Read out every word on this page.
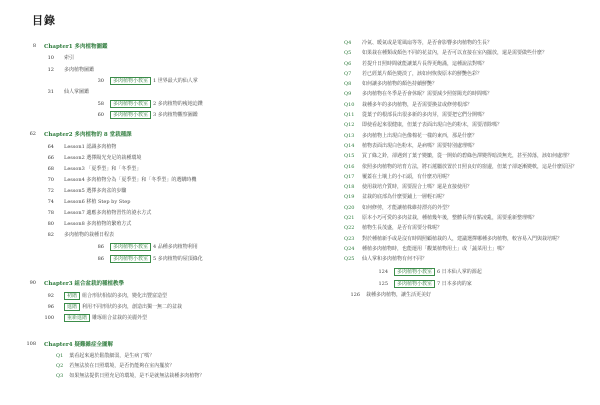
目錄
8 Chapter1 多肉植物圖鑑
10 索引
12 多肉植物圖鑑
30	多肉植物小教室 1 世界最大的仙人掌
31 仙人掌圖鑑
58	多肉植物小教室 2 多肉植物的瘦地迫鑽
60	多肉植物小教室 3 多肉植物觀察圖鑑
62 Chapter2 多肉植物的 8 堂栽種課
64 Lesson1 認識多肉植物
66 Lesson2 選擇陽光充足的栽種環境
68 Lesson3 「夏季型」和「冬季型」
70 Lesson4 多肉植物分為「夏季型」和「冬季型」的選購時機
72 Lesson5 選擇多肉盆的步驟
74 Lesson6 移植 Step by Step
78 Lesson7 適應多肉植物習性的澆水方式
80 Lesson8 多肉植物的繁殖方式
82 多肉植物的栽種日程表
86	多肉植物小教室 4 品種多肉植物利用
86	多肉植物小教室 5 多肉植物的屋頂綠化
90 Chapter3 組合盆栽的種植教學
92	初階 組合形狀相似的多肉，變化出豐富造型
96	進階 利用不同形狀的多肉，創造出獨一無二的盆栽
100	重新進階 雕琢組合盆栽的美麗外型
108 Chapter4 疑難雜症全圖解
Q1 葉看起來過於鬆散細弱，是生病了嗎？
Q2 若無法放在日照環境，是否仍能夠在室內擺放？
Q3 如果無法提供日照充足的環境，是不是就無法栽種多肉植物？
Q4	冷氣、暖氣或是電風扇等等，是否會影響多肉植物的生長？
Q5	如果栽在種類或顏色不同的花盆內，是否可以直接在室內擺放，還是需要做些什麼？
Q6	若提升日照時間就能讓葉片長得更飽滿，這種說法對嗎？
Q7	若已經葉片顏色變淡了，該如何恢復原本的鮮艷色彩？
Q8	如何讓多肉植物的顏色持續鮮艷？
Q9	多肉植物在冬季是否會休眠？需要減少照射陽光的時間嗎？
Q10	栽種多年的多肉植物，是否需要換盆或修剪根部？
Q11	從葉子的根部長出很多新的多肉芽，需要把它們分開嗎？
Q12	即使看起來很健康，但葉子表面出現白色的粉末，需要清除嗎？
Q13	多肉植物上出現白色像棉花一樣的東西，那是什麼？
Q14	植物表面出現白色粉末，是病嗎？需要特別處理嗎？
Q15	買了綠之鈴，卻遇到了葉子變皺，從一開始的碧綠色澤變得暗淡無光，甚至掉落，該如何處理？
Q16	依照多肉植物的培育方法，將石蓮屬放置於日照良好的窗邊，但葉子卻逐漸變軟，這是什麼原因？
Q17	覆蓋在土壤上的小石頭，有什麼功用呢？
Q18	使用栽培介質時，需要混合土嗎？還是直接使用？
Q19	盆栽的底部為什麼要鋪上一層輕石呢？
Q20	如何修剪，才能讓植株維持漂亮的外型？
Q21	原本小巧可愛的多肉盆栽，種植幾年後，整體長得有點凌亂，需要重新整理嗎？
Q22	植物生長茂盛，是否有需要分株呢？
Q23	對於種植新手或是沒有時間照顧植栽的人，建議選擇哪種多肉植物，較容易入門與栽培呢？
Q24	種植多肉植物時，也能運用「觀葉植物用土」或「蔬菜用土」嗎？
Q25	仙人掌和多肉植物有何不同？
124	多肉植物小教室	6 日本仙人掌的源起
125	多肉植物小教室	7 日本多肉的家
126 栽種多肉植物，讓生活更美好
